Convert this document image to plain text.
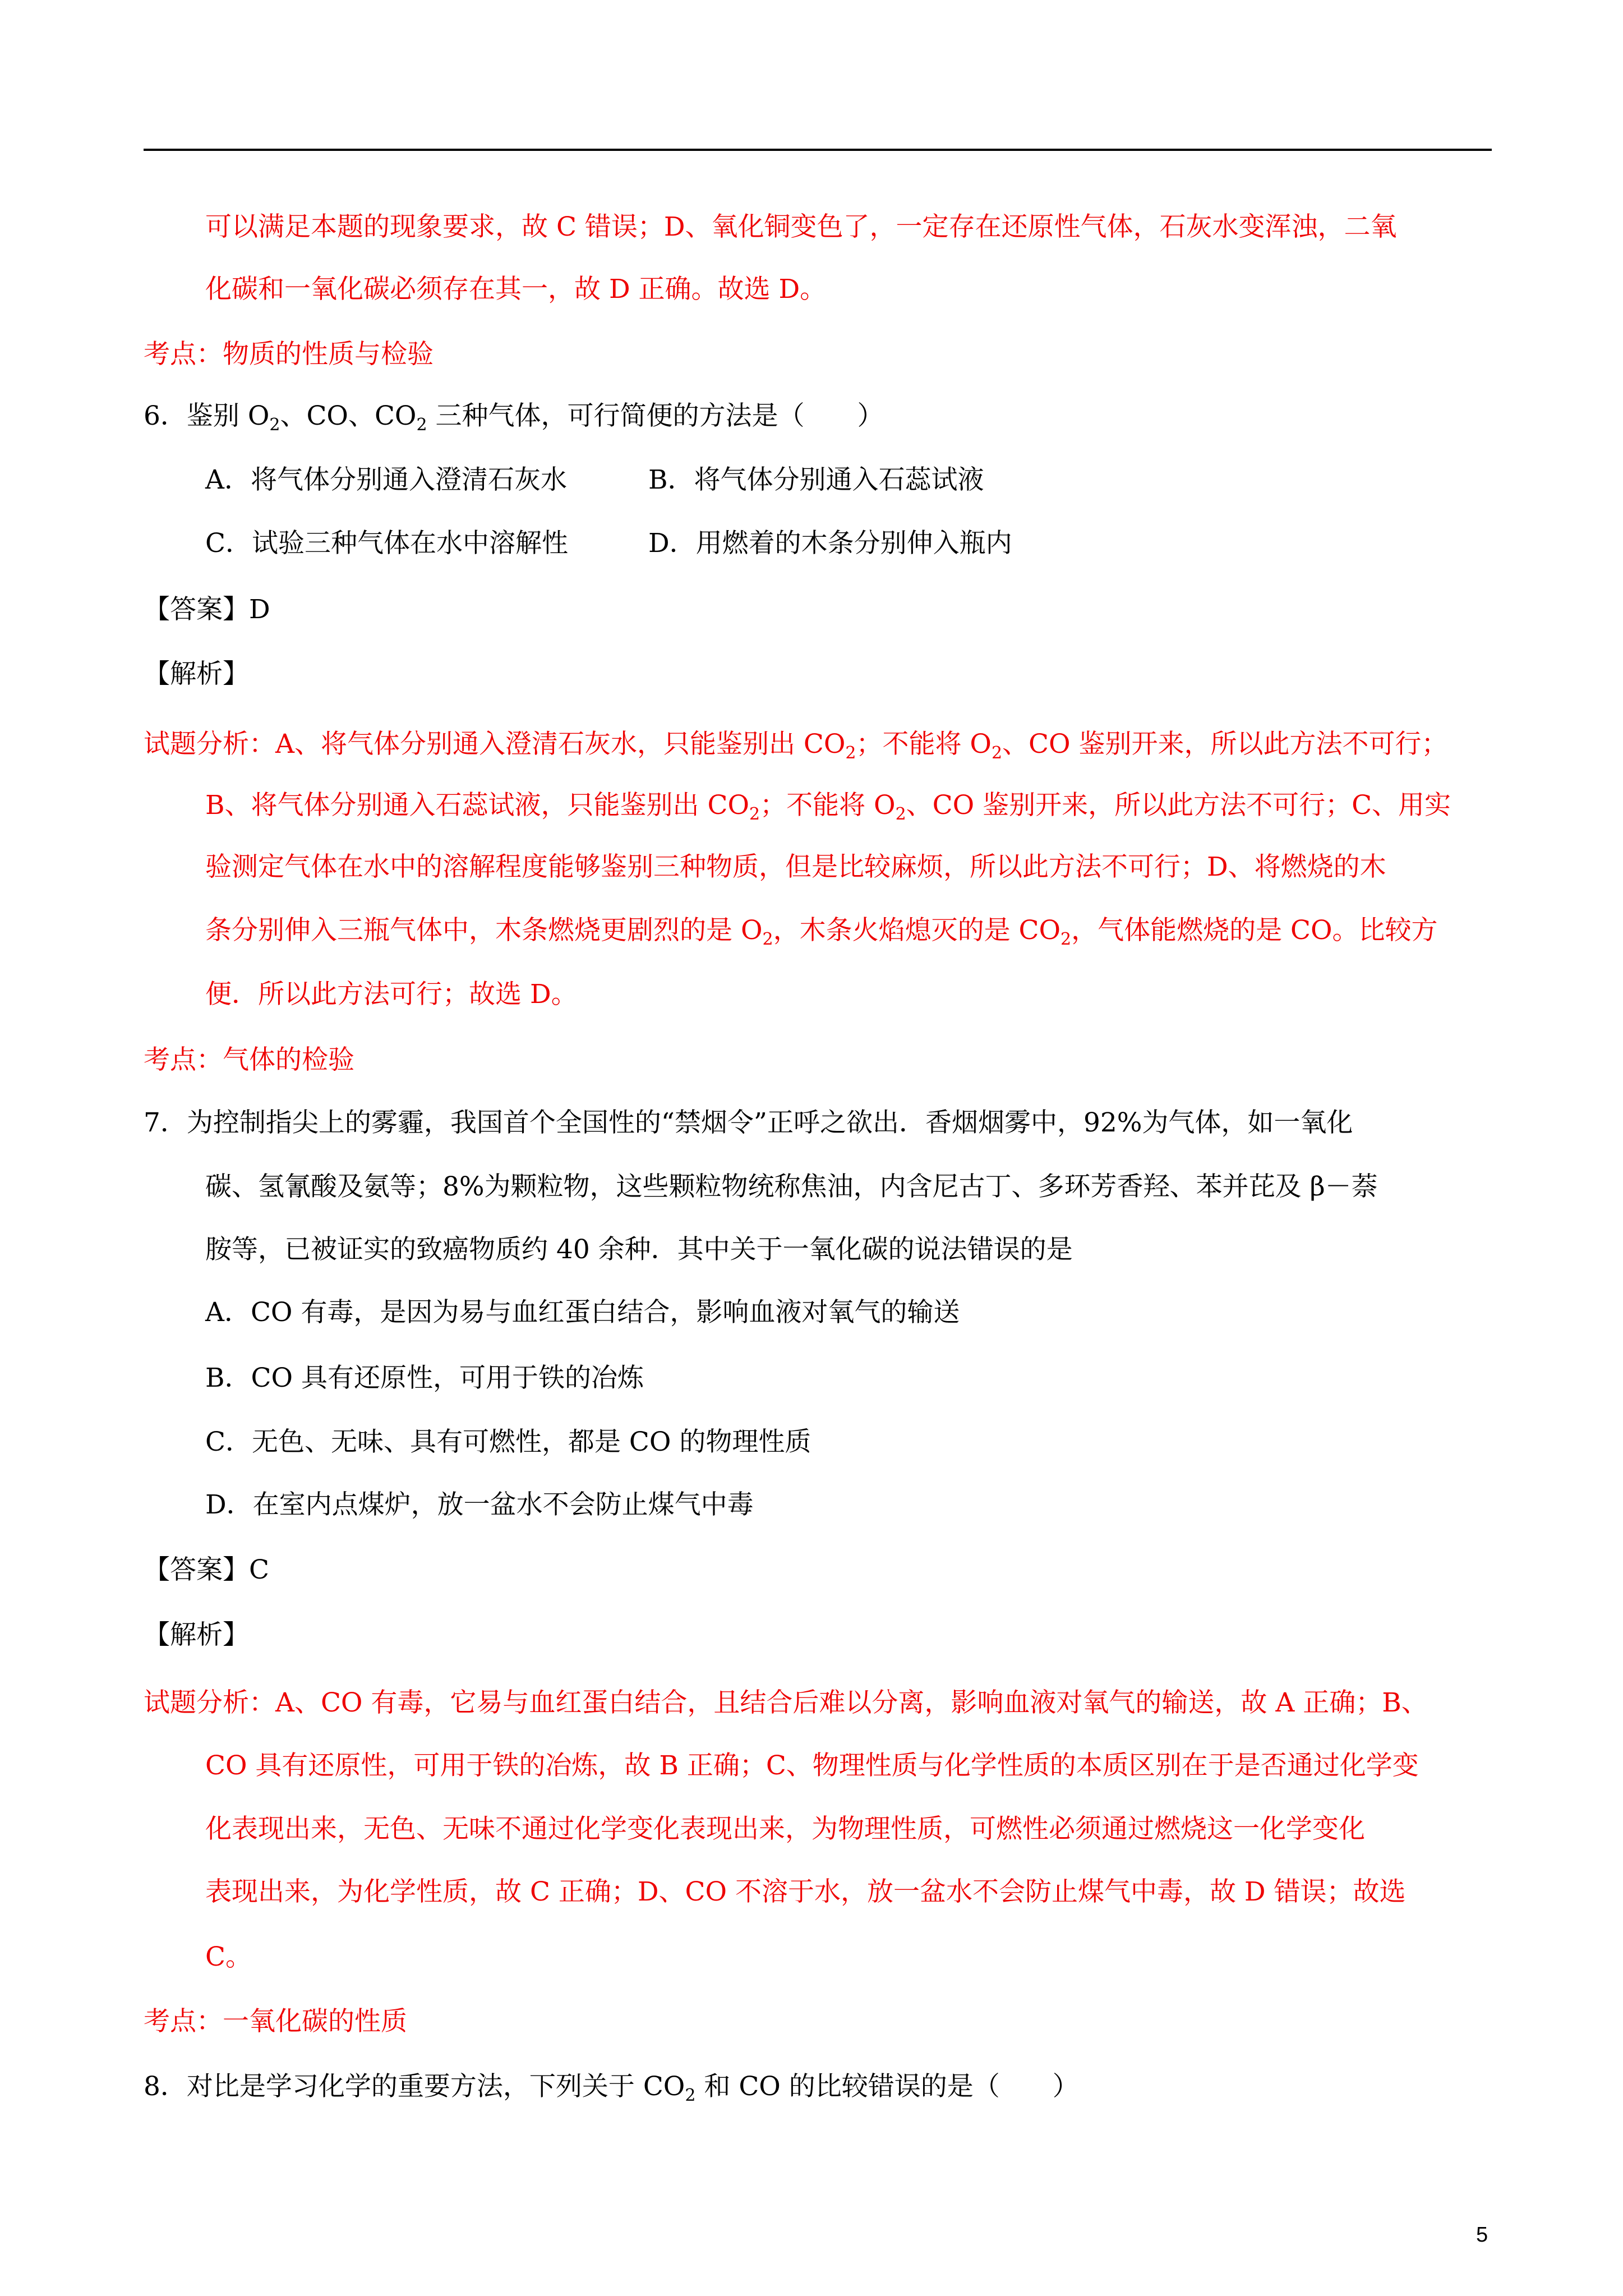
可以满足本题的现象要求，故 C 错误；D、氧化铜变色了，一定存在还原性气体，石灰水变浑浊，二氧
化碳和一氧化碳必须存在其一，故 D 正确。故选 D。
考点：物质的性质与检验
6．鉴别 $O_2$、CO、$CO_2$ 三种气体，可行简便的方法是（　　）
A．将气体分别通入澄清石灰水	B．将气体分别通入石蕊试液
C．试验三种气体在水中溶解性	D．用燃着的木条分别伸入瓶内
【答案】D
【解析】
试题分析：A、将气体分别通入澄清石灰水，只能鉴别出 $CO_2$；不能将 $O_2$、CO 鉴别开来，所以此方法不可行；
B、将气体分别通入石蕊试液，只能鉴别出 $CO_2$；不能将 $O_2$、CO 鉴别开来，所以此方法不可行；C、用实
验测定气体在水中的溶解程度能够鉴别三种物质，但是比较麻烦，所以此方法不可行；D、将燃烧的木
条分别伸入三瓶气体中，木条燃烧更剧烈的是 $O_2$，木条火焰熄灭的是 $CO_2$，气体能燃烧的是 CO。比较方
便．所以此方法可行；故选 D。
考点：气体的检验
7．为控制指尖上的雾霾，我国首个全国性的“禁烟令”正呼之欲出．香烟烟雾中，92%为气体，如一氧化
碳、氢氰酸及氨等；8%为颗粒物，这些颗粒物统称焦油，内含尼古丁、多环芳香羟、苯并芘及 β－萘
胺等，已被证实的致癌物质约 40 余种．其中关于一氧化碳的说法错误的是
A．CO 有毒，是因为易与血红蛋白结合，影响血液对氧气的输送
B．CO 具有还原性，可用于铁的冶炼
C．无色、无味、具有可燃性，都是 CO 的物理性质
D．在室内点煤炉，放一盆水不会防止煤气中毒
【答案】C
【解析】
试题分析：A、CO 有毒，它易与血红蛋白结合，且结合后难以分离，影响血液对氧气的输送，故 A 正确；B、
CO 具有还原性，可用于铁的冶炼，故 B 正确；C、物理性质与化学性质的本质区别在于是否通过化学变
化表现出来，无色、无味不通过化学变化表现出来，为物理性质，可燃性必须通过燃烧这一化学变化
表现出来，为化学性质，故 C 正确；D、CO 不溶于水，放一盆水不会防止煤气中毒，故 D 错误；故选
C。
考点：一氧化碳的性质
8．对比是学习化学的重要方法，下列关于 $CO_2$ 和 CO 的比较错误的是（　　）
5
